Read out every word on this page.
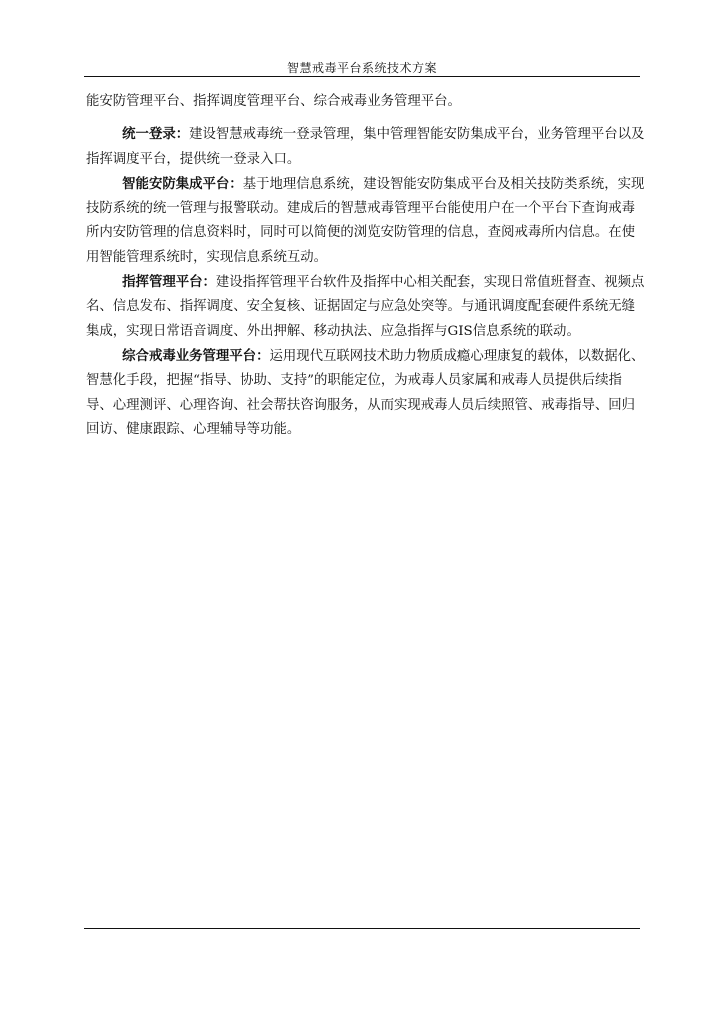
智慧戒毒平台系统技术方案

能安防管理平台、指挥调度管理平台、综合戒毒业务管理平台。

统一登录：建设智慧戒毒统一登录管理，集中管理智能安防集成平台，业务管理平台以及指挥调度平台，提供统一登录入口。

智能安防集成平台：基于地理信息系统，建设智能安防集成平台及相关技防类系统，实现技防系统的统一管理与报警联动。建成后的智慧戒毒管理平台能使用户在一个平台下查询戒毒所内安防管理的信息资料时，同时可以简便的浏览安防管理的信息，查阅戒毒所内信息。在使用智能管理系统时，实现信息系统互动。

指挥管理平台：建设指挥管理平台软件及指挥中心相关配套，实现日常值班督查、视频点名、信息发布、指挥调度、安全复核、证据固定与应急处突等。与通讯调度配套硬件系统无缝集成，实现日常语音调度、外出押解、移动执法、应急指挥与GIS信息系统的联动。

综合戒毒业务管理平台：运用现代互联网技术助力物质成瘾心理康复的载体，以数据化、智慧化手段，把握“指导、协助、支持”的职能定位，为戒毒人员家属和戒毒人员提供后续指导、心理测评、心理咨询、社会帮扶咨询服务，从而实现戒毒人员后续照管、戒毒指导、回归回访、健康跟踪、心理辅导等功能。
